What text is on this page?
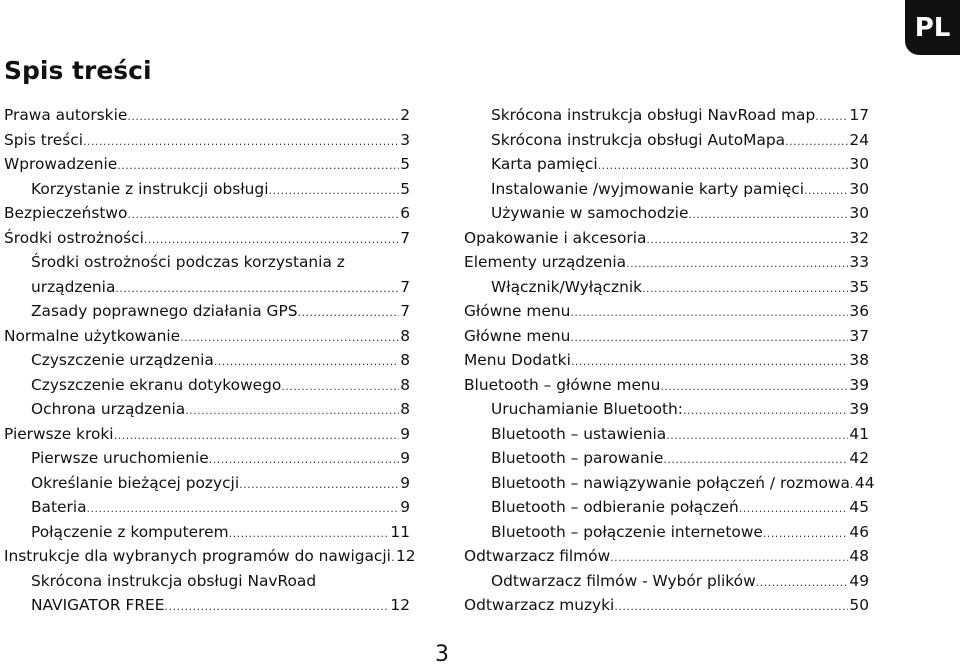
PL
Spis treści
Prawa autorskie .....	2
Spis treści .....	3
Wprowadzenie .....	5
Korzystanie z instrukcji obsługi .....	5
Bezpieczeństwo .....	6
Środki ostrożności .....	7
Środki ostrożności podczas korzystania z
urządzenia .....	7
Zasady poprawnego działania GPS .....	7
Normalne użytkowanie .....	8
Czyszczenie urządzenia .....	8
Czyszczenie ekranu dotykowego .....	8
Ochrona urządzenia .....	8
Pierwsze kroki .....	9
Pierwsze uruchomienie .....	9
Określanie bieżącej pozycji .....	9
Bateria .....	9
Połączenie z komputerem .....	11
Instrukcje dla wybranych programów do nawigacji ..... 12
Skrócona instrukcja obsługi NavRoad
NAVIGATOR FREE .....	12
Skrócona instrukcja obsługi NavRoad map ..... 17
Skrócona instrukcja obsługi AutoMapa .....	24
Karta pamięci .....	30
Instalowanie /wyjmowanie karty pamięci .....	30
Używanie w samochodzie .....	30
Opakowanie i akcesoria .....	32
Elementy urządzenia .....	33
Włącznik/Wyłącznik .....	35
Główne menu .....	36
Główne menu .....	37
Menu Dodatki .....	38
Bluetooth – główne menu .....	39
Uruchamianie Bluetooth: .....	39
Bluetooth – ustawienia .....	41
Bluetooth – parowanie .....	42
Bluetooth – nawiązywanie połączeń / rozmowa ..... 44
Bluetooth – odbieranie połączeń .....	45
Bluetooth – połączenie internetowe .....	46
Odtwarzacz filmów .....	48
Odtwarzacz filmów - Wybór plików .....	49
Odtwarzacz muzyki .....	50
3
